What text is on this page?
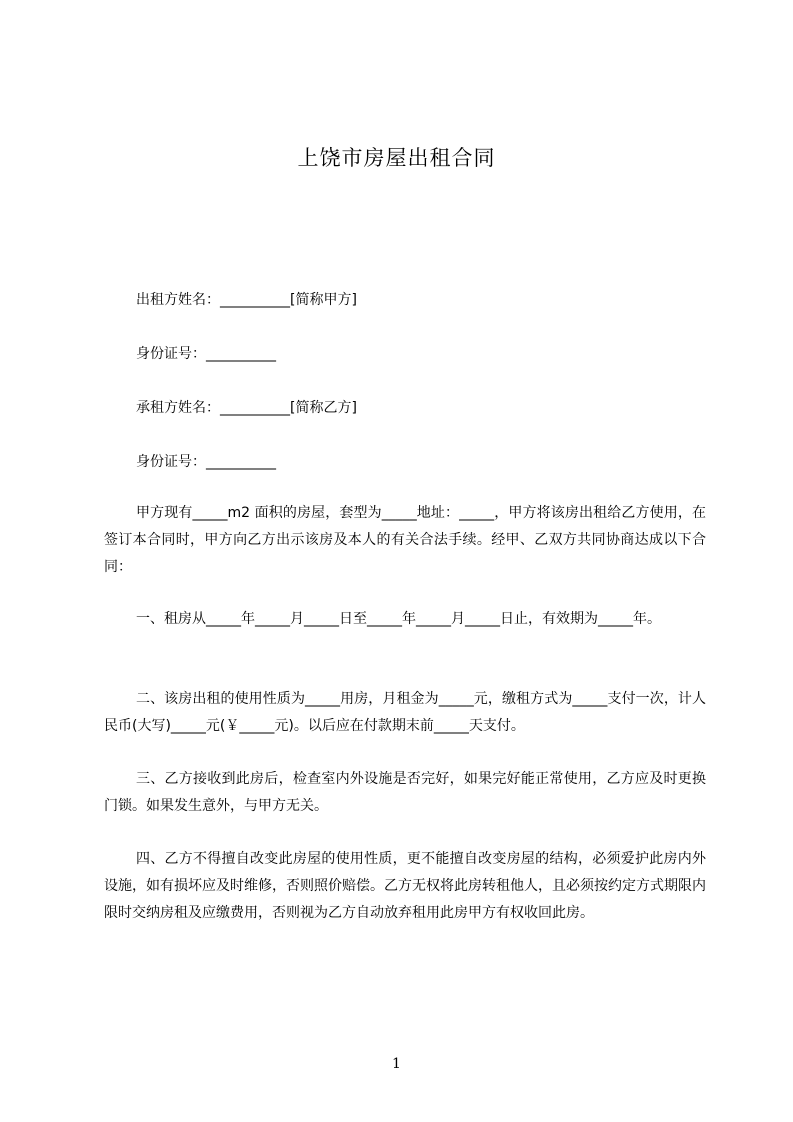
上饶市房屋出租合同
出租方姓名：__________[简称甲方]
身份证号：__________
承租方姓名：__________[简称乙方]
身份证号：__________

甲方现有_____m2 面积的房屋，套型为_____地址：_____，甲方将该房出租给乙方使用，在签订本合同时，甲方向乙方出示该房及本人的有关合法手续。经甲、乙双方共同协商达成以下合同：

一、租房从_____年_____月_____日至_____年_____月_____日止，有效期为_____年。

二、该房出租的使用性质为_____用房，月租金为_____元，缴租方式为_____支付一次，计人民币(大写)_____元(￥_____元)。以后应在付款期末前_____天支付。

三、乙方接收到此房后，检查室内外设施是否完好，如果完好能正常使用，乙方应及时更换门锁。如果发生意外，与甲方无关。

四、乙方不得擅自改变此房屋的使用性质，更不能擅自改变房屋的结构，必须爱护此房内外设施，如有损坏应及时维修，否则照价赔偿。乙方无权将此房转租他人，且必须按约定方式期限内限时交纳房租及应缴费用，否则视为乙方自动放弃租用此房甲方有权收回此房。

1
